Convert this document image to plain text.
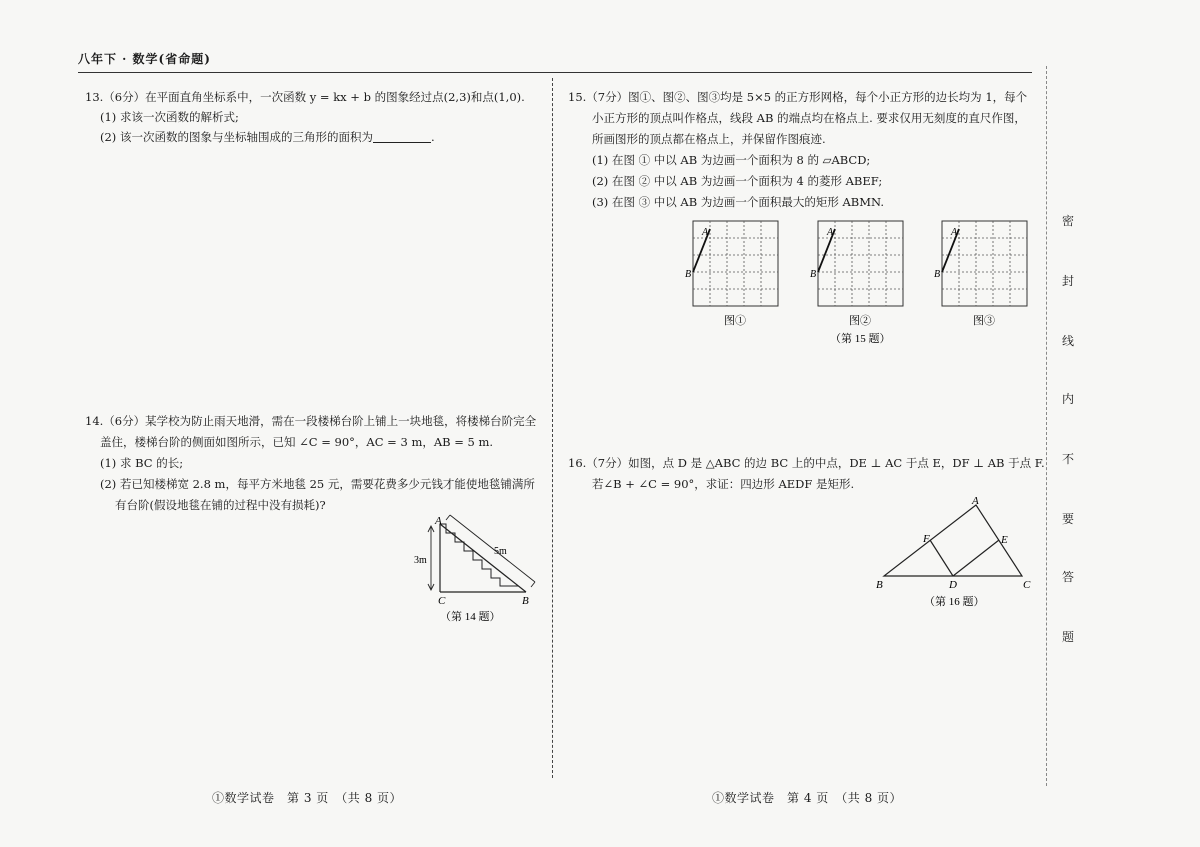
八年下 · 数学(省命题)
13.（6分）在平面直角坐标系中，一次函数 y = kx + b 的图象经过点(2,3)和点(1,0).
(1) 求该一次函数的解析式;
(2) 该一次函数的图象与坐标轴围成的三角形的面积为	.
14.（6分）某学校为防止雨天地滑，需在一段楼梯台阶上铺上一块地毯，将楼梯台阶完全
盖住，楼梯台阶的侧面如图所示，已知 ∠C = 90°，AC = 3 m，AB = 5 m.
(1) 求 BC 的长;
(2) 若已知楼梯宽 2.8 m，每平方米地毯 25 元，需要花费多少元钱才能使地毯铺满所
有台阶(假设地毯在铺的过程中没有损耗)?
A
C	B
3m
5m
（第 14 题）
15.（7分）图①、图②、图③均是 5×5 的正方形网格，每个小正方形的边长均为 1，每个
小正方形的顶点叫作格点，线段 AB 的端点均在格点上. 要求仅用无刻度的直尺作图，
所画图形的顶点都在格点上，并保留作图痕迹.
(1) 在图 ① 中以 AB 为边画一个面积为 8 的 ▱ABCD;
(2) 在图 ② 中以 AB 为边画一个面积为 4 的菱形 ABEF;
(3) 在图 ③ 中以 AB 为边画一个面积最大的矩形 ABMN.
A
B
图①
A
B
图②
A
B
图③
（第 15 题）
16.（7分）如图，点 D 是 △ABC 的边 BC 上的中点，DE ⊥ AC 于点 E，DF ⊥ AB 于点 F.
若∠B + ∠C = 90°，求证：四边形 AEDF 是矩形.
A
B	C
D
E
F
（第 16 题）
密
封
线
内
不
要
答
题
①数学试卷　第 3 页　（共 8 页）	①数学试卷　第 4 页　（共 8 页）
